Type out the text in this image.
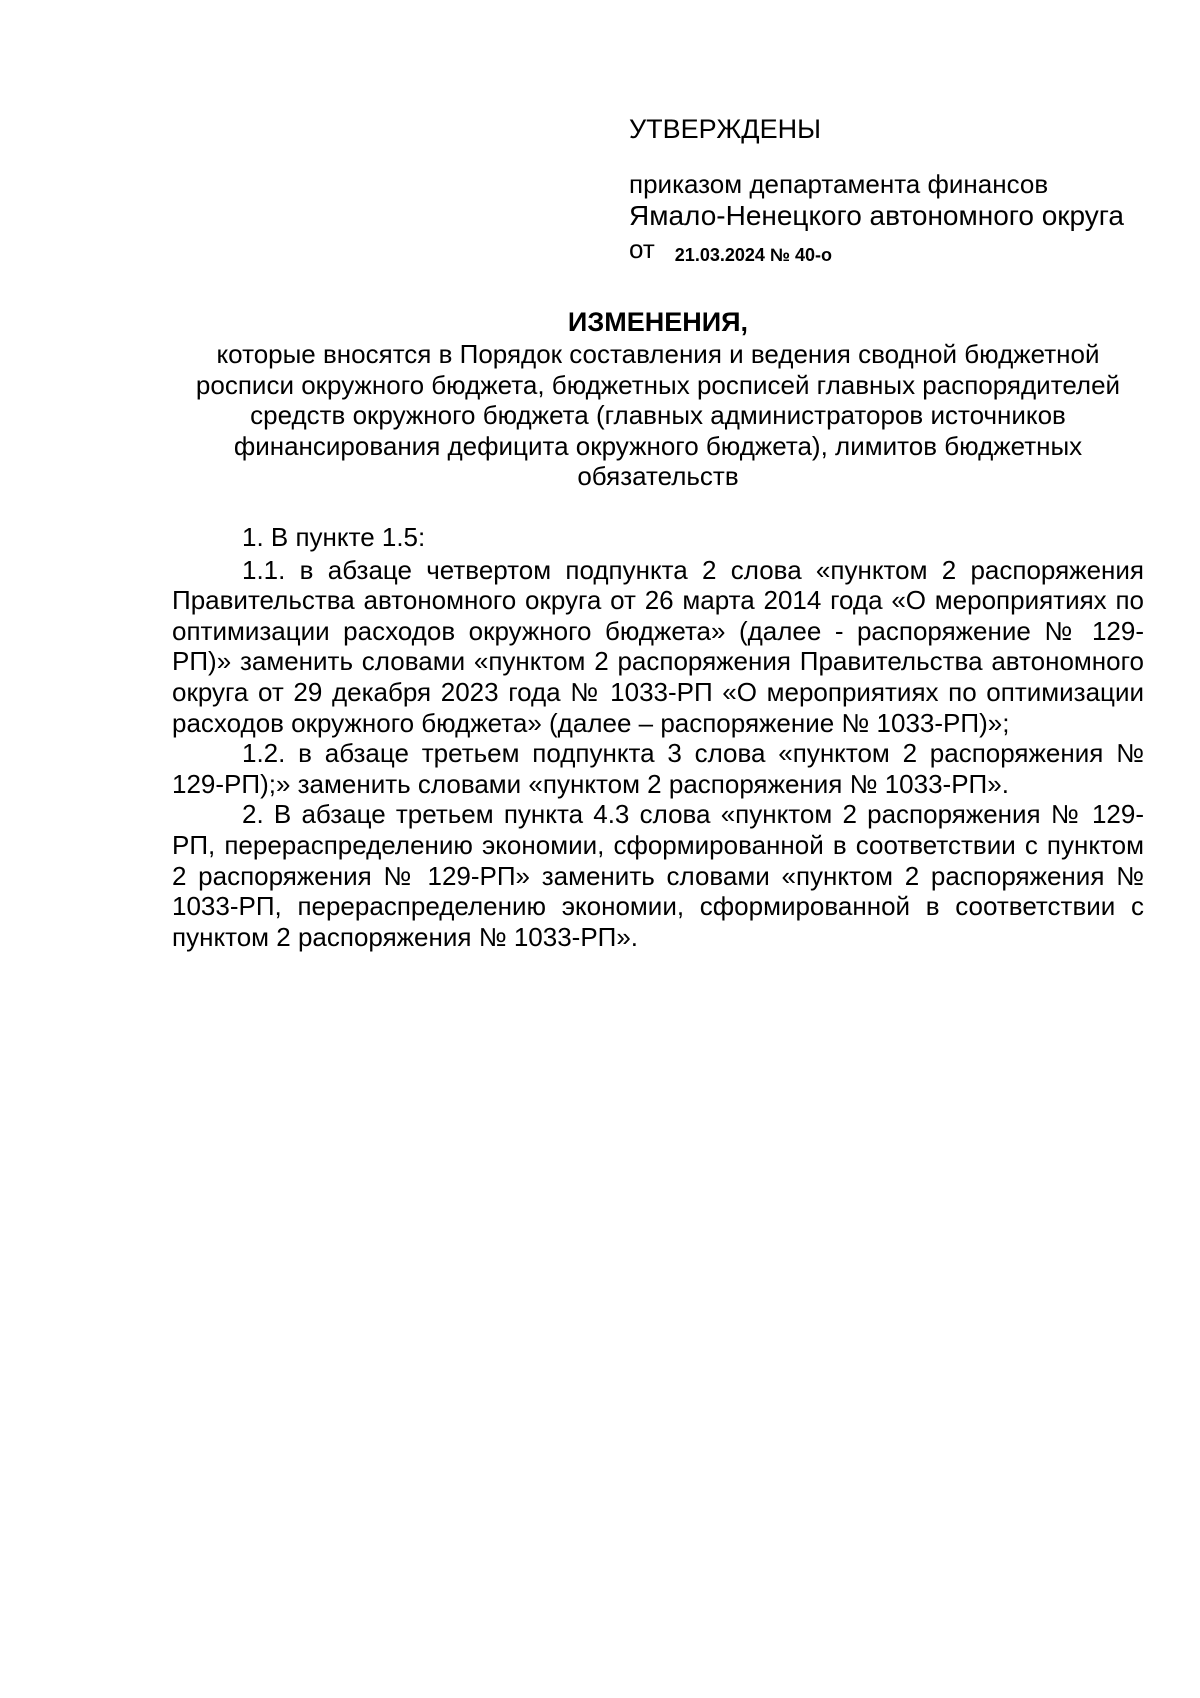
УТВЕРЖДЕНЫ

приказом департамента финансов

Ямало-Ненецкого автономного округа

от 21.03.2024 № 40-о

ИЗМЕНЕНИЯ,

которые вносятся в Порядок составления и ведения сводной бюджетной росписи окружного бюджета, бюджетных росписей главных распорядителей средств окружного бюджета (главных администраторов источников финансирования дефицита окружного бюджета), лимитов бюджетных обязательств

1. В пункте 1.5:

1.1. в абзаце четвертом подпункта 2 слова «пунктом 2 распоряжения Правительства автономного округа от 26 марта 2014 года «О мероприятиях по оптимизации расходов окружного бюджета» (далее - распоряжение № 129-РП)» заменить словами «пунктом 2 распоряжения Правительства автономного округа от 29 декабря 2023 года № 1033-РП «О мероприятиях по оптимизации расходов окружного бюджета» (далее – распоряжение № 1033-РП)»;

1.2. в абзаце третьем подпункта 3 слова «пунктом 2 распоряжения № 129-РП);» заменить словами «пунктом 2 распоряжения № 1033-РП».

2. В абзаце третьем пункта 4.3 слова «пунктом 2 распоряжения № 129-РП, перераспределению экономии, сформированной в соответствии с пунктом 2 распоряжения № 129-РП» заменить словами «пунктом 2 распоряжения № 1033-РП, перераспределению экономии, сформированной в соответствии с пунктом 2 распоряжения № 1033-РП».
